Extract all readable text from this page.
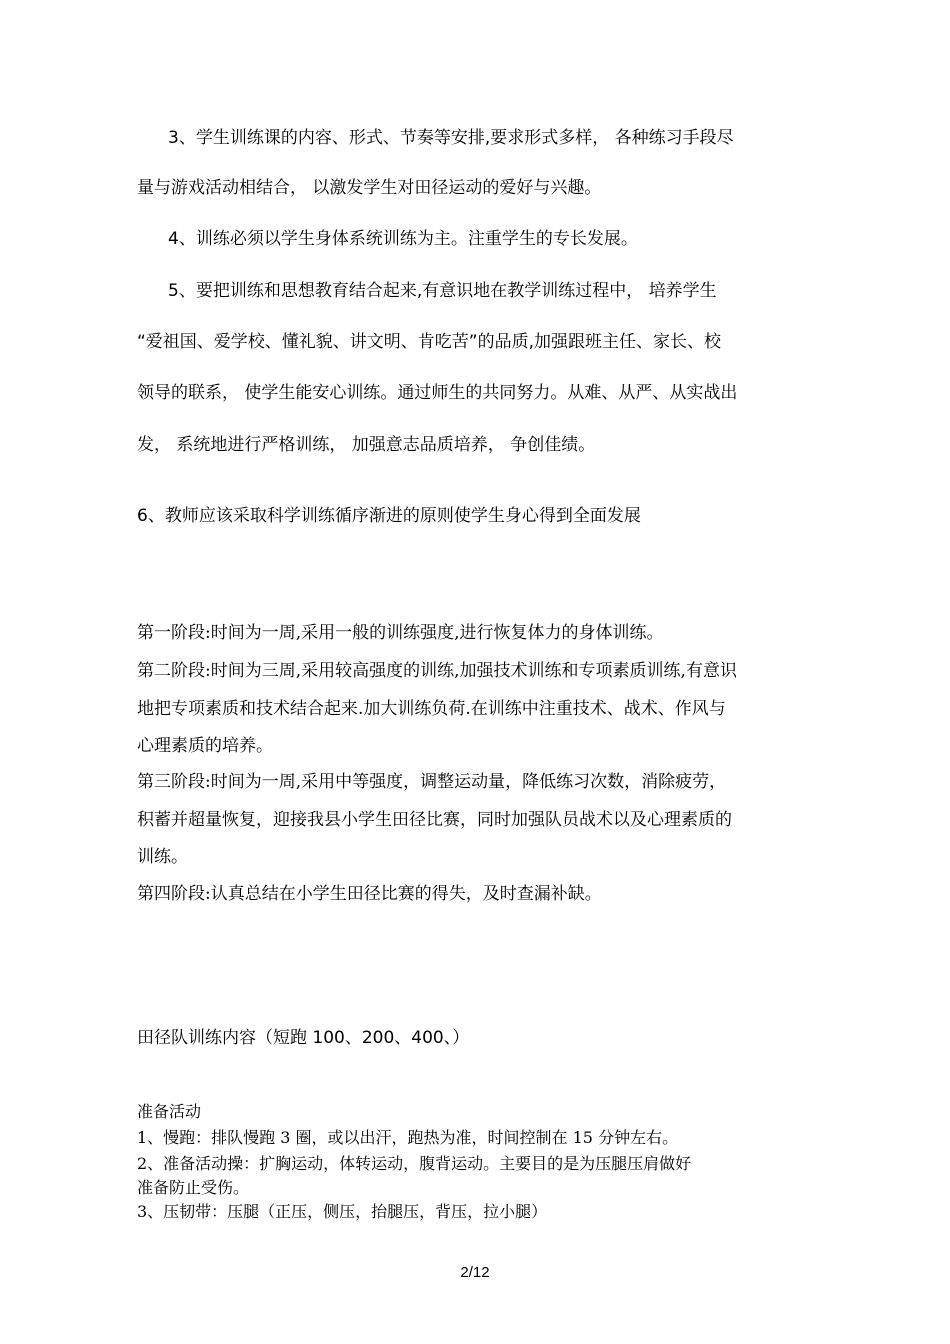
3、学生训练课的内容、形式、节奏等安排,要求形式多样， 各种练习手段尽
量与游戏活动相结合， 以激发学生对田径运动的爱好与兴趣。
4、训练必须以学生身体系统训练为主。注重学生的专长发展。
5、要把训练和思想教育结合起来,有意识地在教学训练过程中， 培养学生
“爱祖国、爱学校、懂礼貌、讲文明、肯吃苦”的品质,加强跟班主任、家长、校
领导的联系， 使学生能安心训练。通过师生的共同努力。从难、从严、从实战出
发， 系统地进行严格训练， 加强意志品质培养， 争创佳绩。
6、教师应该采取科学训练循序渐进的原则使学生身心得到全面发展
第一阶段:时间为一周,采用一般的训练强度,进行恢复体力的身体训练。
第二阶段:时间为三周,采用较高强度的训练,加强技术训练和专项素质训练,有意识
地把专项素质和技术结合起来.加大训练负荷.在训练中注重技术、战术、作风与
心理素质的培养。
第三阶段:时间为一周,采用中等强度，调整运动量，降低练习次数，消除疲劳，
积蓄并超量恢复，迎接我县小学生田径比赛，同时加强队员战术以及心理素质的
训练。
第四阶段:认真总结在小学生田径比赛的得失，及时查漏补缺。
田径队训练内容（短跑 100、200、400、）
准备活动
1、慢跑：排队慢跑 3 圈，或以出汗，跑热为准，时间控制在 15 分钟左右。
2、准备活动操：扩胸运动，体转运动，腹背运动。主要目的是为压腿压肩做好
准备防止受伤。
3、压韧带：压腿（正压，侧压，抬腿压，背压，拉小腿）
2/12
